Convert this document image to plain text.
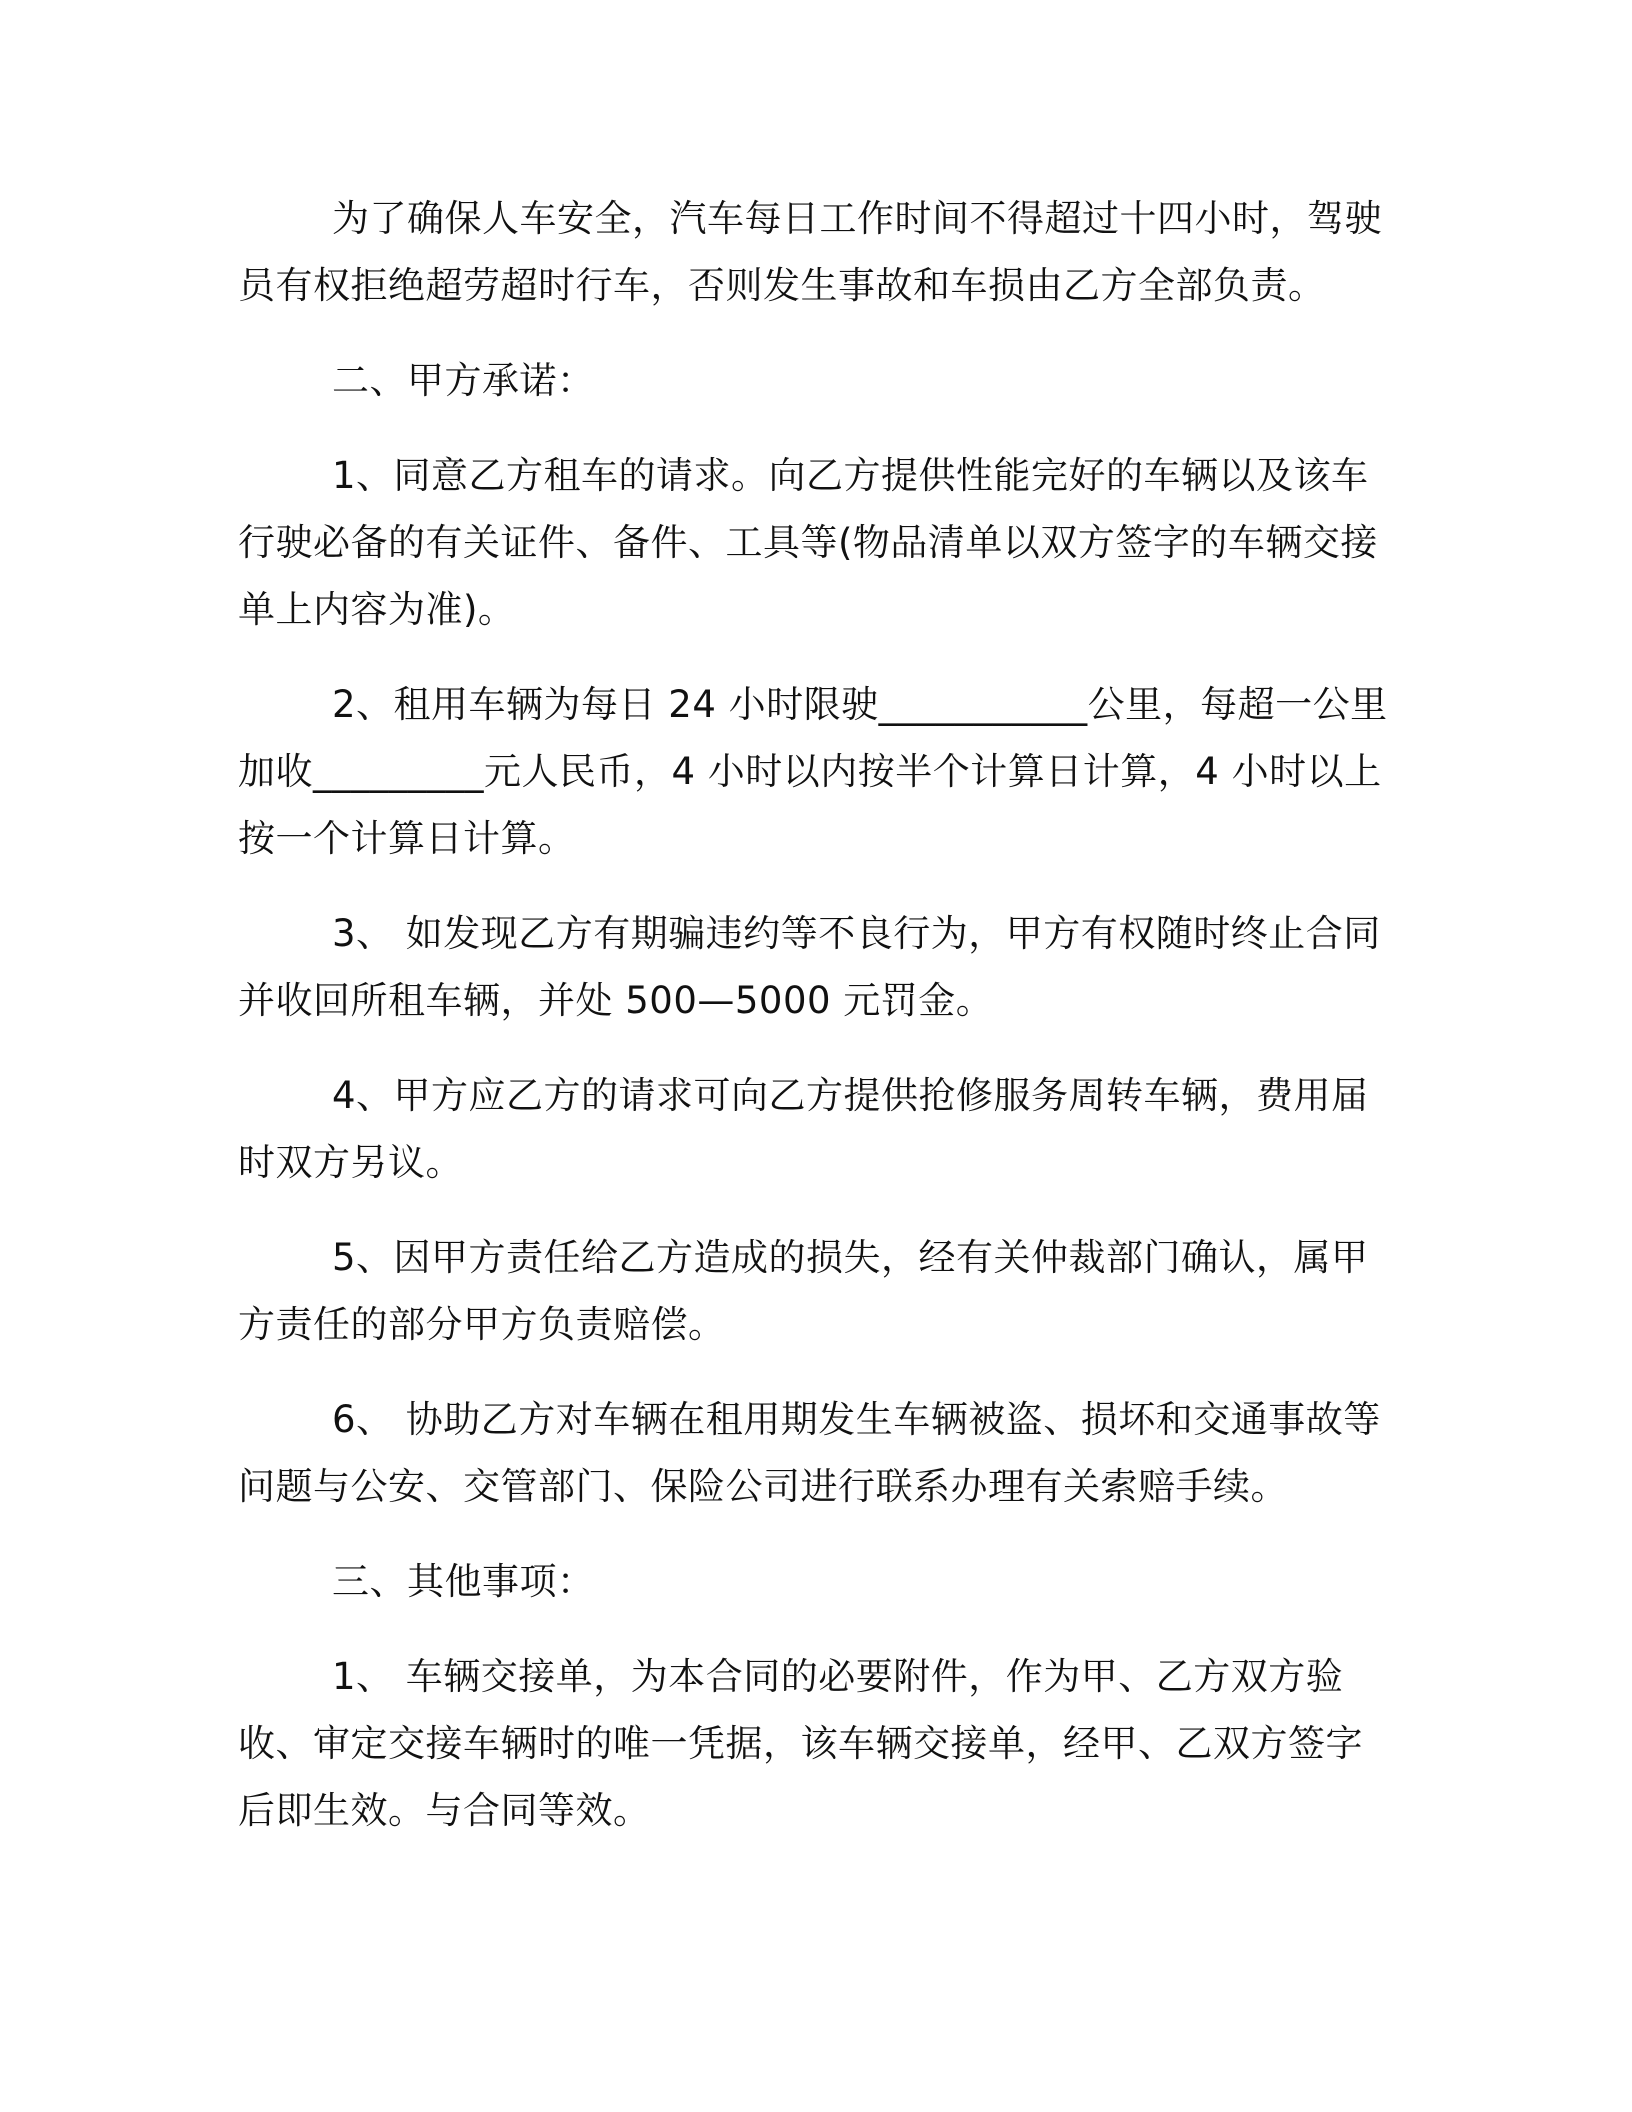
为了确保人车安全，汽车每日工作时间不得超过十四小时，驾驶员有权拒绝超劳超时行车，否则发生事故和车损由乙方全部负责。

二、甲方承诺：

1、同意乙方租车的请求。向乙方提供性能完好的车辆以及该车行驶必备的有关证件、备件、工具等(物品清单以双方签字的车辆交接单上内容为准)。

2、租用车辆为每日 24 小时限驶___________公里，每超一公里加收_________元人民币，4 小时以内按半个计算日计算，4 小时以上按一个计算日计算。

3、 如发现乙方有期骗违约等不良行为，甲方有权随时终止合同并收回所租车辆，并处 500—5000 元罚金。

4、甲方应乙方的请求可向乙方提供抢修服务周转车辆，费用届时双方另议。

5、因甲方责任给乙方造成的损失，经有关仲裁部门确认，属甲方责任的部分甲方负责赔偿。

6、 协助乙方对车辆在租用期发生车辆被盗、损坏和交通事故等问题与公安、交管部门、保险公司进行联系办理有关索赔手续。

三、其他事项：

1、 车辆交接单，为本合同的必要附件，作为甲、乙方双方验收、审定交接车辆时的唯一凭据，该车辆交接单，经甲、乙双方签字后即生效。与合同等效。
